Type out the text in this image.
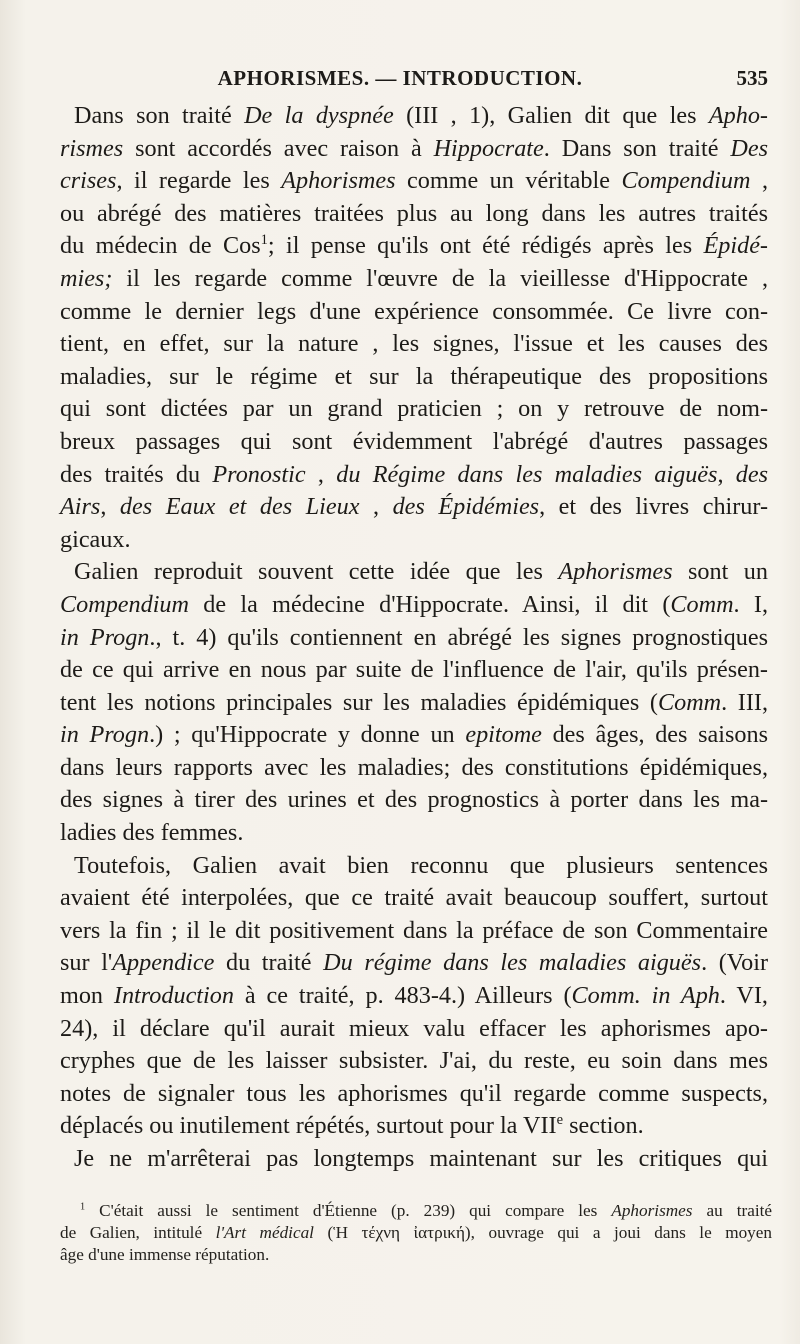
APHORISMES. — INTRODUCTION.	535

Dans son traité De la dyspnée (III , 1), Galien dit que les Apho-
rismes sont accordés avec raison à Hippocrate. Dans son traité Des
crises, il regarde les Aphorismes comme un véritable Compendium ,
ou abrégé des matières traitées plus au long dans les autres traités
du médecin de Cos$^1$; il pense qu'ils ont été rédigés après les Épidé-
mies; il les regarde comme l'œuvre de la vieillesse d'Hippocrate ,
comme le dernier legs d'une expérience consommée. Ce livre con-
tient, en effet, sur la nature , les signes, l'issue et les causes des
maladies, sur le régime et sur la thérapeutique des propositions
qui sont dictées par un grand praticien ; on y retrouve de nom-
breux passages qui sont évidemment l'abrégé d'autres passages
des traités du Pronostic , du Régime dans les maladies aiguës, des
Airs, des Eaux et des Lieux , des Épidémies, et des livres chirur-
gicaux.

Galien reproduit souvent cette idée que les Aphorismes sont un
Compendium de la médecine d'Hippocrate. Ainsi, il dit (Comm. I,
in Progn., t. 4) qu'ils contiennent en abrégé les signes prognostiques
de ce qui arrive en nous par suite de l'influence de l'air, qu'ils présen-
tent les notions principales sur les maladies épidémiques (Comm. III,
in Progn.) ; qu'Hippocrate y donne un epitome des âges, des saisons
dans leurs rapports avec les maladies; des constitutions épidémiques,
des signes à tirer des urines et des prognostics à porter dans les ma-
ladies des femmes.

Toutefois, Galien avait bien reconnu que plusieurs sentences
avaient été interpolées, que ce traité avait beaucoup souffert, surtout
vers la fin ; il le dit positivement dans la préface de son Commentaire
sur l'Appendice du traité Du régime dans les maladies aiguës. (Voir
mon Introduction à ce traité, p. 483-4.) Ailleurs (Comm. in Aph. VI,
24), il déclare qu'il aurait mieux valu effacer les aphorismes apo-
cryphes que de les laisser subsister. J'ai, du reste, eu soin dans mes
notes de signaler tous les aphorismes qu'il regarde comme suspects,
déplacés ou inutilement répétés, surtout pour la VIIe section.

Je ne m'arrêterai pas longtemps maintenant sur les critiques qui

$^1$ C'était aussi le sentiment d'Étienne (p. 239) qui compare les Aphorismes au traité
de Galien, intitulé l'Art médical (Ἡ τέχνη ἰατρική), ouvrage qui a joui dans le moyen
âge d'une immense réputation.
